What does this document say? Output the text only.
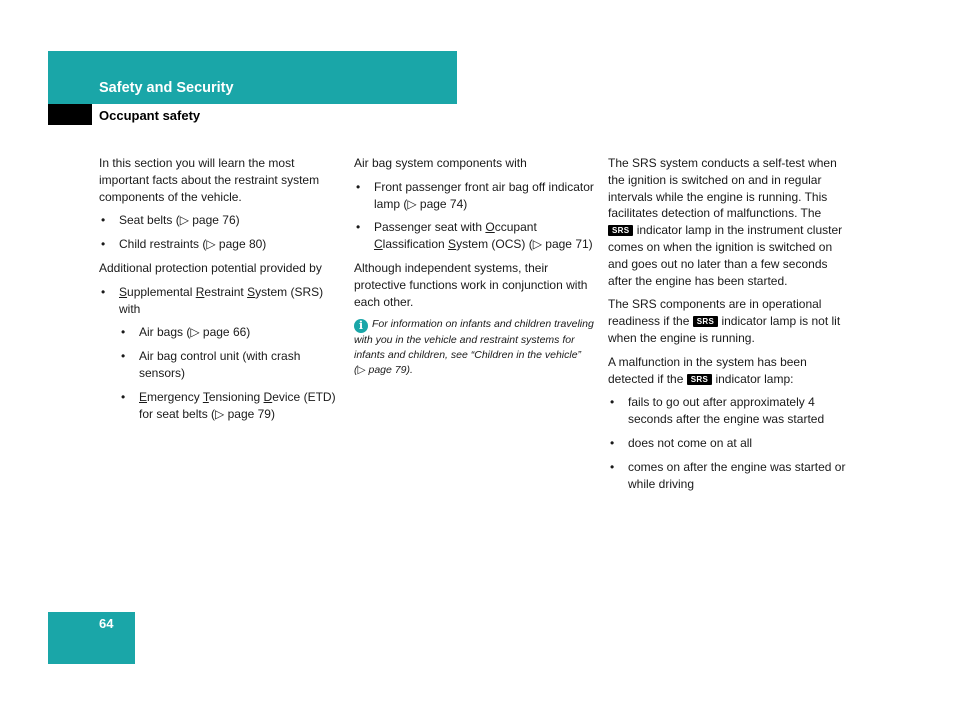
Safety and Security
Occupant safety

In this section you will learn the most important facts about the restraint system components of the vehicle.

• Seat belts (▷ page 76)
• Child restraints (▷ page 80)

Additional protection potential provided by

• Supplemental Restraint System (SRS) with
• Air bags (▷ page 66)
• Air bag control unit (with crash sensors)
• Emergency Tensioning Device (ETD) for seat belts (▷ page 79)

Air bag system components with

• Front passenger front air bag off indicator lamp (▷ page 74)
• Passenger seat with Occupant Classification System (OCS) (▷ page 71)

Although independent systems, their protective functions work in conjunction with each other.

i For information on infants and children traveling with you in the vehicle and restraint systems for infants and children, see “Children in the vehicle” (▷ page 79).

The SRS system conducts a self-test when the ignition is switched on and in regular intervals while the engine is running. This facilitates detection of malfunctions. The
SRS indicator lamp in the instrument cluster comes on when the ignition is switched on and goes out no later than a few seconds after the engine has been started.

The SRS components are in operational readiness if the SRS indicator lamp is not lit when the engine is running.

A malfunction in the system has been detected if the SRS indicator lamp:

• fails to go out after approximately 4 seconds after the engine was started
• does not come on at all
• comes on after the engine was started or while driving
64
